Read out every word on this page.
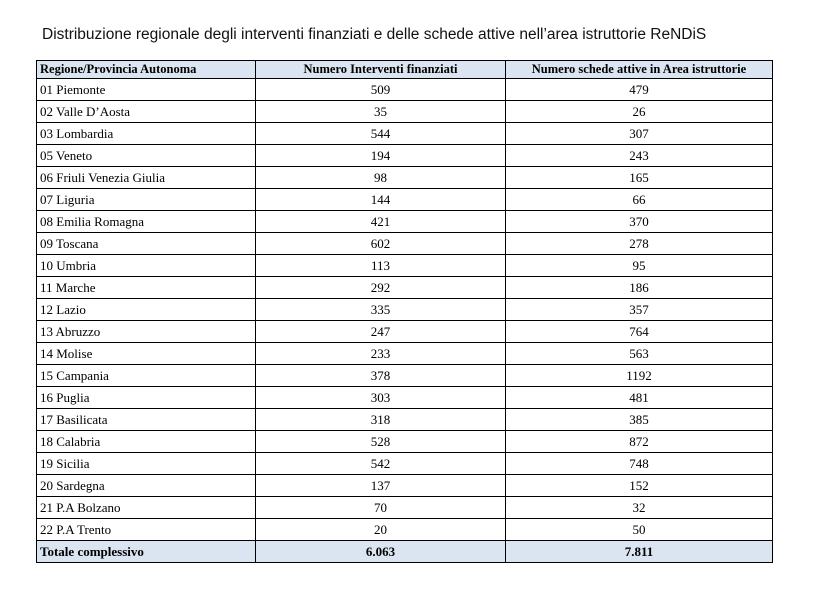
Distribuzione regionale degli interventi finanziati e delle schede attive nell’area istruttorie ReNDiS
Regione/Provincia Autonoma	Numero Interventi finanziati	Numero schede attive in Area istruttorie
01 Piemonte	509	479
02 Valle D’Aosta	35	26
03 Lombardia	544	307
05 Veneto	194	243
06 Friuli Venezia Giulia	98	165
07 Liguria	144	66
08 Emilia Romagna	421	370
09 Toscana	602	278
10 Umbria	113	95
11 Marche	292	186
12 Lazio	335	357
13 Abruzzo	247	764
14 Molise	233	563
15 Campania	378	1192
16 Puglia	303	481
17 Basilicata	318	385
18 Calabria	528	872
19 Sicilia	542	748
20 Sardegna	137	152
21 P.A Bolzano	70	32
22 P.A Trento	20	50
Totale complessivo	6.063	7.811
